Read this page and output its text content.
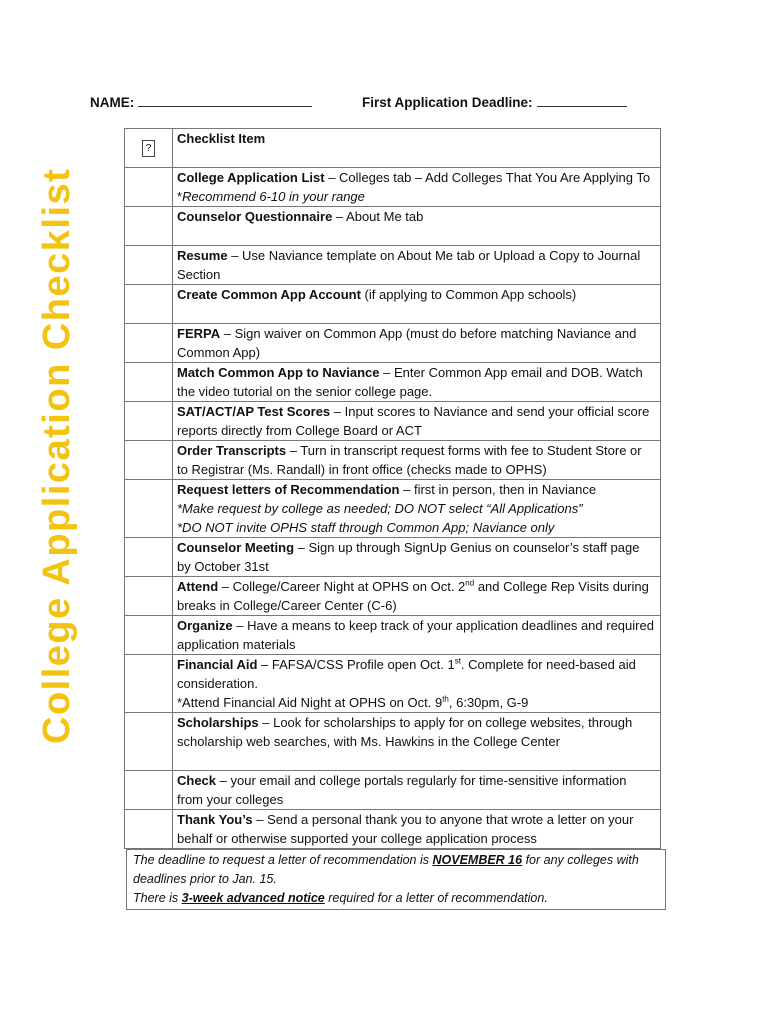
NAME:	First Application Deadline:
College Application Checklist
?	Checklist Item
	College Application List – Colleges tab – Add Colleges That You Are Applying To *Recommend 6-10 in your range
	Counselor Questionnaire – About Me tab
	Resume – Use Naviance template on About Me tab or Upload a Copy to Journal Section
	Create Common App Account (if applying to Common App schools)
	FERPA – Sign waiver on Common App (must do before matching Naviance and Common App)
	Match Common App to Naviance – Enter Common App email and DOB. Watch the video tutorial on the senior college page.
	SAT/ACT/AP Test Scores – Input scores to Naviance and send your official score reports directly from College Board or ACT
	Order Transcripts – Turn in transcript request forms with fee to Student Store or to Registrar (Ms. Randall) in front office (checks made to OPHS)
	Request letters of Recommendation – first in person, then in Naviance
*Make request by college as needed; DO NOT select “All Applications”
*DO NOT invite OPHS staff through Common App; Naviance only
	Counselor Meeting – Sign up through SignUp Genius on counselor’s staff page by October 31st
	Attend – College/Career Night at OPHS on Oct. 2nd and College Rep Visits during breaks in College/Career Center (C-6)
	Organize – Have a means to keep track of your application deadlines and required application materials
	Financial Aid – FAFSA/CSS Profile open Oct. 1st. Complete for need-based aid consideration.
*Attend Financial Aid Night at OPHS on Oct. 9th, 6:30pm, G-9
	Scholarships – Look for scholarships to apply for on college websites, through scholarship web searches, with Ms. Hawkins in the College Center
	Check – your email and college portals regularly for time-sensitive information from your colleges
	Thank You’s – Send a personal thank you to anyone that wrote a letter on your behalf or otherwise supported your college application process
The deadline to request a letter of recommendation is NOVEMBER 16 for any colleges with deadlines prior to Jan. 15.
There is 3-week advanced notice required for a letter of recommendation.
